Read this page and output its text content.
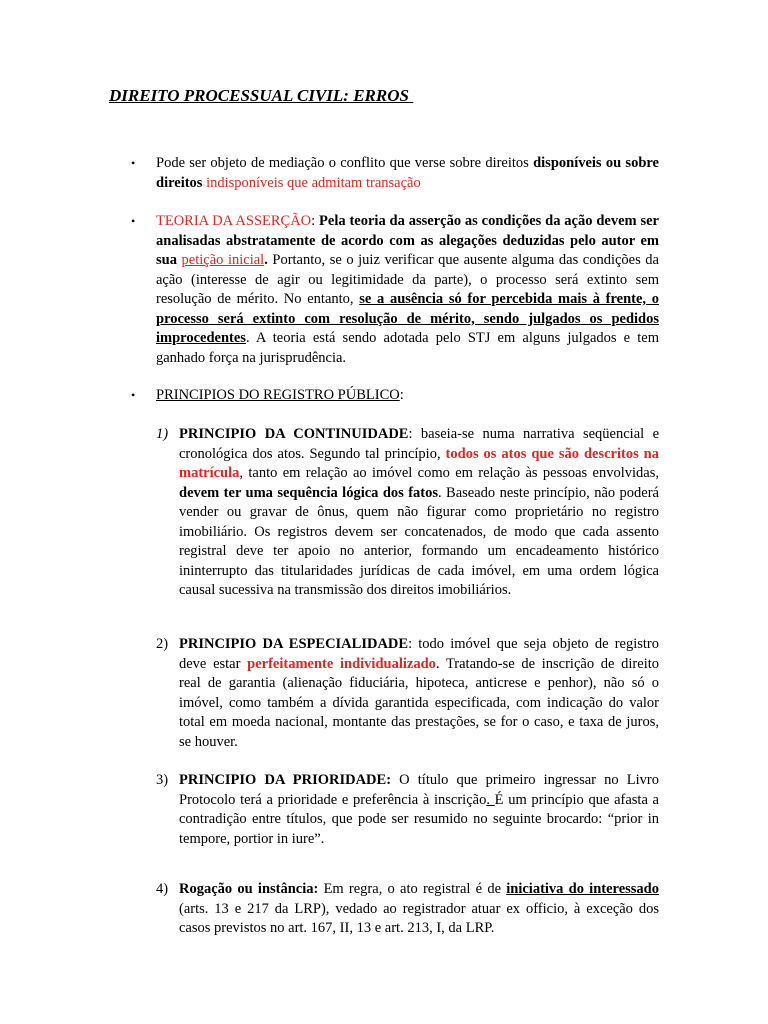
DIREITO PROCESSUAL CIVIL: ERROS
• Pode ser objeto de mediação o conflito que verse sobre direitos disponíveis ou sobre direitos indisponíveis que admitam transação
• TEORIA DA ASSERÇÃO: Pela teoria da asserção as condições da ação devem ser analisadas abstratamente de acordo com as alegações deduzidas pelo autor em sua petição inicial. Portanto, se o juiz verificar que ausente alguma das condições da ação (interesse de agir ou legitimidade da parte), o processo será extinto sem resolução de mérito. No entanto, se a ausência só for percebida mais à frente, o processo será extinto com resolução de mérito, sendo julgados os pedidos improcedentes. A teoria está sendo adotada pelo STJ em alguns julgados e tem ganhado força na jurisprudência.
• PRINCIPIOS DO REGISTRO PÚBLICO:
1) PRINCIPIO DA CONTINUIDADE: baseia-se numa narrativa seqüencial e cronológica dos atos. Segundo tal princípio, todos os atos que são descritos na matrícula, tanto em relação ao imóvel como em relação às pessoas envolvidas, devem ter uma sequência lógica dos fatos. Baseado neste princípio, não poderá vender ou gravar de ônus, quem não figurar como proprietário no registro imobiliário. Os registros devem ser concatenados, de modo que cada assento registral deve ter apoio no anterior, formando um encadeamento histórico ininterrupto das titularidades jurídicas de cada imóvel, em uma ordem lógica causal sucessiva na transmissão dos direitos imobiliários.
2) PRINCIPIO DA ESPECIALIDADE: todo imóvel que seja objeto de registro deve estar perfeitamente individualizado. Tratando-se de inscrição de direito real de garantia (alienação fiduciária, hipoteca, anticrese e penhor), não só o imóvel, como também a dívida garantida especificada, com indicação do valor total em moeda nacional, montante das prestações, se for o caso, e taxa de juros, se houver.
3) PRINCIPIO DA PRIORIDADE: O título que primeiro ingressar no Livro Protocolo terá a prioridade e preferência à inscrição. É um princípio que afasta a contradição entre títulos, que pode ser resumido no seguinte brocardo: “prior in tempore, portior in iure”.
4) Rogação ou instância: Em regra, o ato registral é de iniciativa do interessado (arts. 13 e 217 da LRP), vedado ao registrador atuar ex officio, à exceção dos casos previstos no art. 167, II, 13 e art. 213, I, da LRP.
